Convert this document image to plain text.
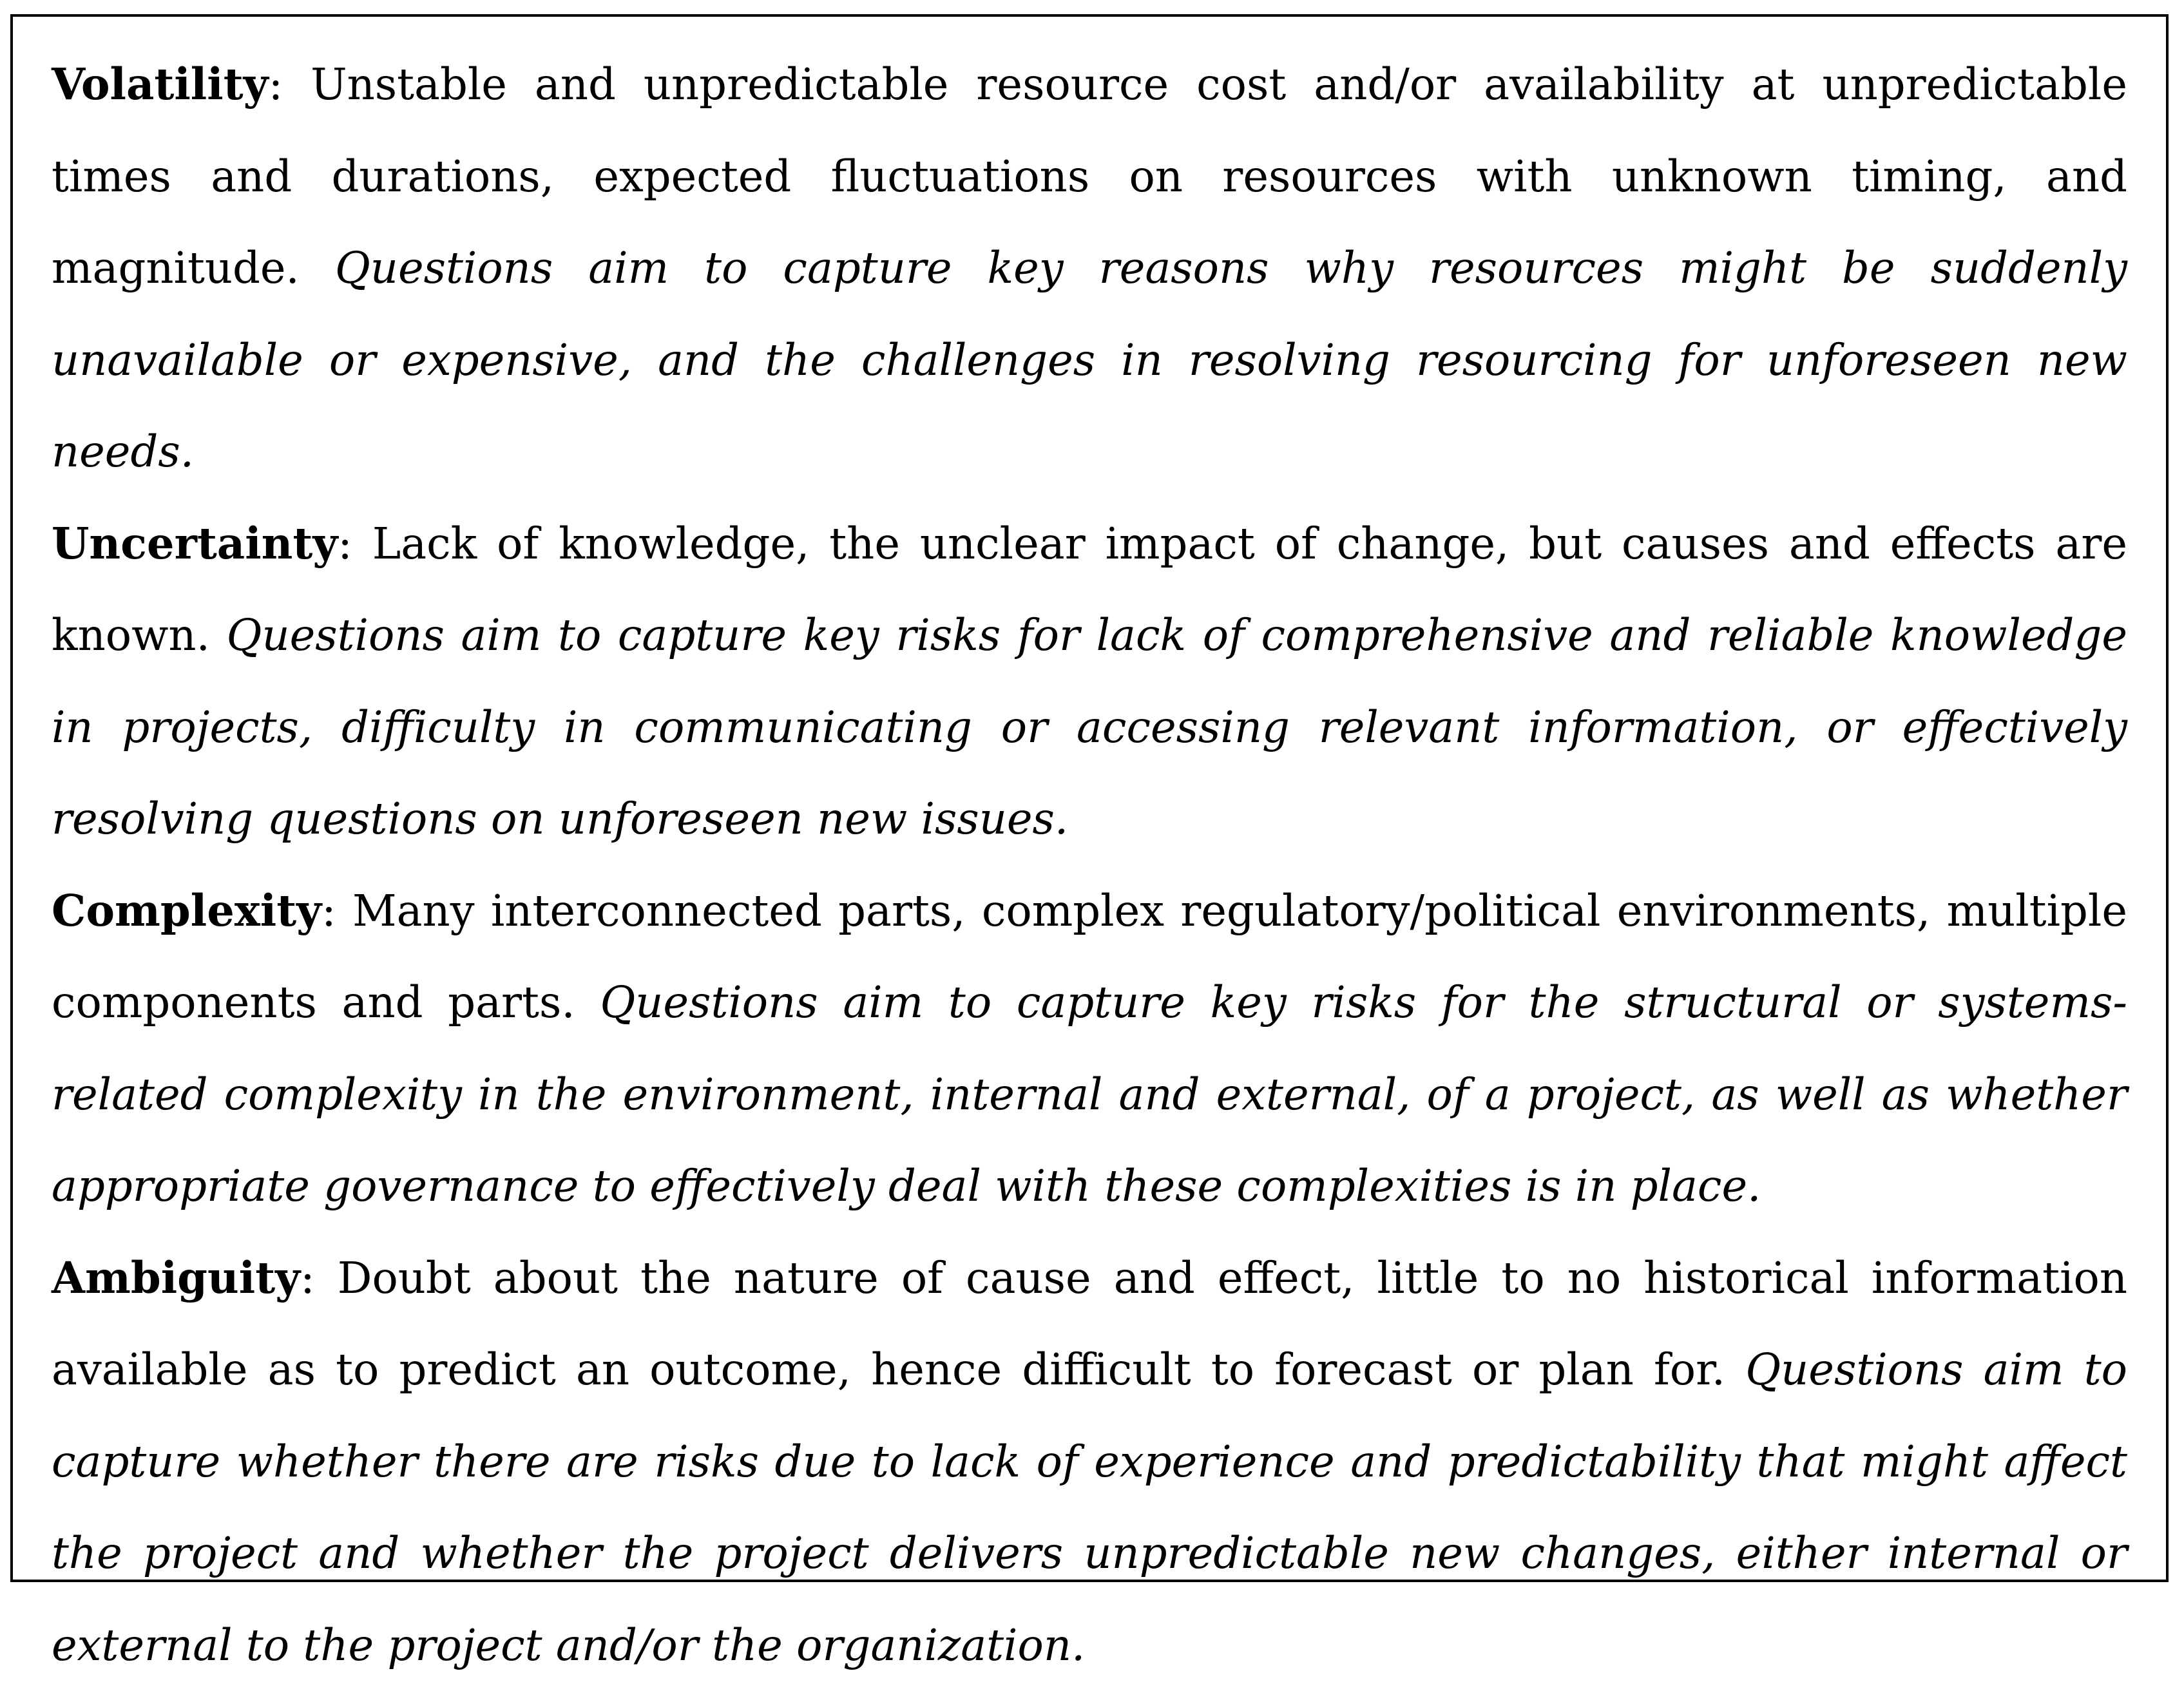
Volatility: Unstable and unpredictable resource cost and/or availability at unpredictable times and durations, expected fluctuations on resources with unknown timing, and magnitude. Questions aim to capture key reasons why resources might be suddenly unavailable or expensive, and the challenges in resolving resourcing for unforeseen new needs.

Uncertainty: Lack of knowledge, the unclear impact of change, but causes and effects are known. Questions aim to capture key risks for lack of comprehensive and reliable knowledge in projects, difficulty in communicating or accessing relevant information, or effectively resolving questions on unforeseen new issues.

Complexity: Many interconnected parts, complex regulatory/political environments, multiple components and parts. Questions aim to capture key risks for the structural or systems-related complexity in the environment, internal and external, of a project, as well as whether appropriate governance to effectively deal with these complexities is in place.

Ambiguity: Doubt about the nature of cause and effect, little to no historical information available as to predict an outcome, hence difficult to forecast or plan for. Questions aim to capture whether there are risks due to lack of experience and predictability that might affect the project and whether the project delivers unpredictable new changes, either internal or external to the project and/or the organization.
